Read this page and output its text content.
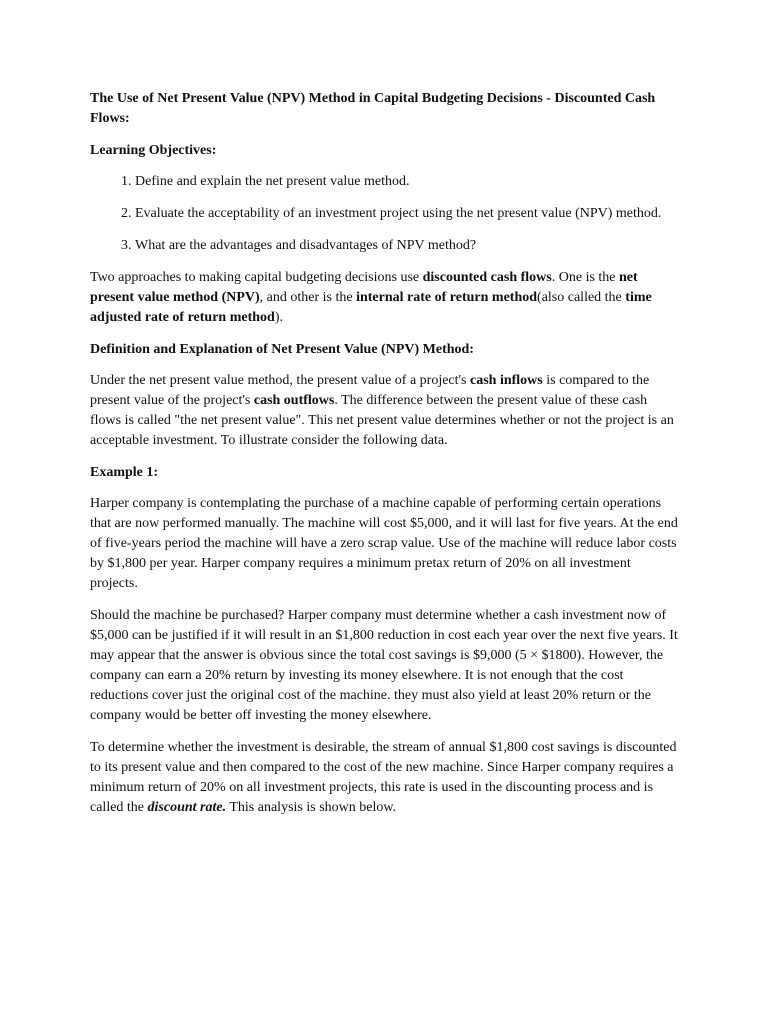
The Use of Net Present Value (NPV) Method in Capital Budgeting Decisions - Discounted Cash Flows:

Learning Objectives:

1. Define and explain the net present value method.
2. Evaluate the acceptability of an investment project using the net present value (NPV) method.
3. What are the advantages and disadvantages of NPV method?

Two approaches to making capital budgeting decisions use discounted cash flows. One is the net present value method (NPV), and other is the internal rate of return method(also called the time adjusted rate of return method).

Definition and Explanation of Net Present Value (NPV) Method:

Under the net present value method, the present value of a project's cash inflows is compared to the present value of the project's cash outflows. The difference between the present value of these cash flows is called "the net present value". This net present value determines whether or not the project is an acceptable investment. To illustrate consider the following data.

Example 1:

Harper company is contemplating the purchase of a machine capable of performing certain operations that are now performed manually. The machine will cost $5,000, and it will last for five years. At the end of five-years period the machine will have a zero scrap value. Use of the machine will reduce labor costs by $1,800 per year. Harper company requires a minimum pretax return of 20% on all investment projects.

Should the machine be purchased? Harper company must determine whether a cash investment now of $5,000 can be justified if it will result in an $1,800 reduction in cost each year over the next five years. It may appear that the answer is obvious since the total cost savings is $9,000 (5 × $1800). However, the company can earn a 20% return by investing its money elsewhere. It is not enough that the cost reductions cover just the original cost of the machine. they must also yield at least 20% return or the company would be better off investing the money elsewhere.

To determine whether the investment is desirable, the stream of annual $1,800 cost savings is discounted to its present value and then compared to the cost of the new machine. Since Harper company requires a minimum return of 20% on all investment projects, this rate is used in the discounting process and is called the discount rate. This analysis is shown below.
